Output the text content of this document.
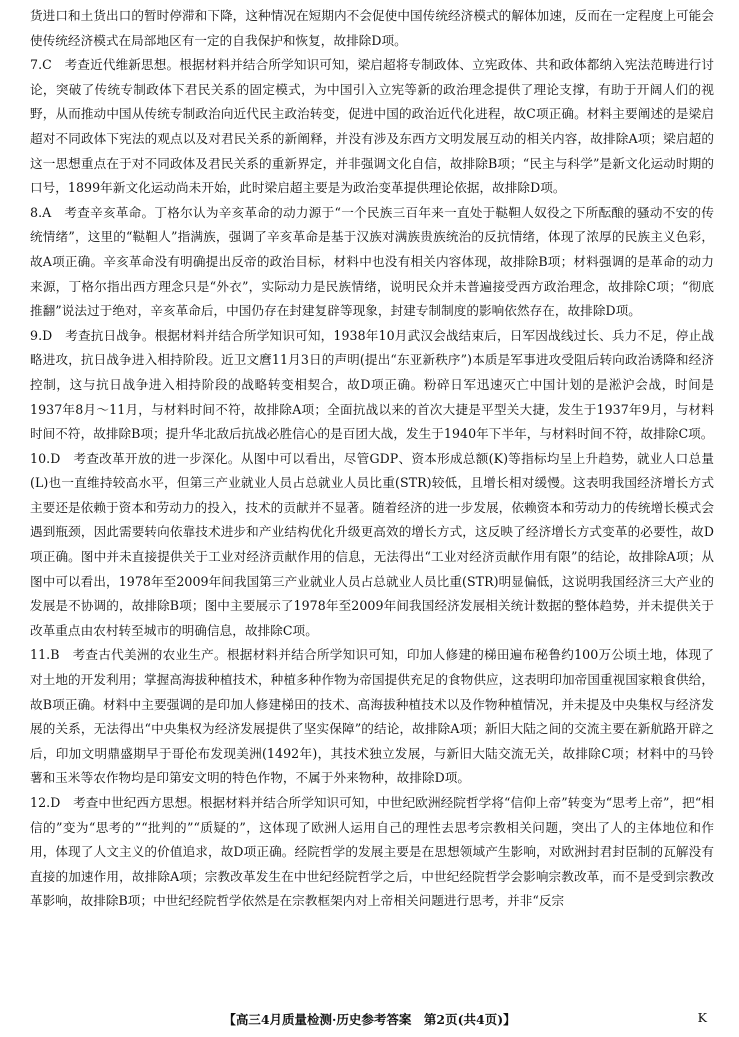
货进口和土货出口的暂时停滞和下降，这种情况在短期内不会促使中国传统经济模式的解体加速，反而在一定程度上可能会使传统经济模式在局部地区有一定的自我保护和恢复，故排除D项。

7.C　 考查近代维新思想。根据材料并结合所学知识可知，梁启超将专制政体、立宪政体、共和政体都纳入宪法范畴进行讨论，突破了传统专制政体下君民关系的固定模式，为中国引入立宪等新的政治理念提供了理论支撑，有助于开阔人们的视野，从而推动中国从传统专制政治向近代民主政治转变，促进中国的政治近代化进程，故C项正确。材料主要阐述的是梁启超对不同政体下宪法的观点以及对君民关系的新阐释，并没有涉及东西方文明发展互动的相关内容，故排除A项；梁启超的这一思想重点在于对不同政体及君民关系的重新界定，并非强调文化自信，故排除B项；“民主与科学”是新文化运动时期的口号，1899年新文化运动尚未开始，此时梁启超主要是为政治变革提供理论依据，故排除D项。

8.A　 考查辛亥革命。丁格尔认为辛亥革命的动力源于“一个民族三百年来一直处于鞑靼人奴役之下所酝酿的骚动不安的传统情绪”，这里的“鞑靼人”指满族，强调了辛亥革命是基于汉族对满族贵族统治的反抗情绪，体现了浓厚的民族主义色彩，故A项正确。辛亥革命没有明确提出反帝的政治目标，材料中也没有相关内容体现，故排除B项；材料强调的是革命的动力来源，丁格尔指出西方理念只是“外衣”，实际动力是民族情绪，说明民众并未普遍接受西方政治理念，故排除C项；“彻底推翻”说法过于绝对，辛亥革命后，中国仍存在封建复辟等现象，封建专制制度的影响依然存在，故排除D项。

9.D　 考查抗日战争。根据材料并结合所学知识可知，1938年10月武汉会战结束后，日军因战线过长、兵力不足，停止战略进攻，抗日战争进入相持阶段。近卫文麿11月3日的声明(提出“东亚新秩序”)本质是军事进攻受阻后转向政治诱降和经济控制，这与抗日战争进入相持阶段的战略转变相契合，故D项正确。粉碎日军迅速灭亡中国计划的是淞沪会战，时间是1937年8月～11月，与材料时间不符，故排除A项；全面抗战以来的首次大捷是平型关大捷，发生于1937年9月，与材料时间不符，故排除B项；提升华北敌后抗战必胜信心的是百团大战，发生于1940年下半年，与材料时间不符，故排除C项。

10.D　 考查改革开放的进一步深化。从图中可以看出，尽管GDP、资本形成总额(K)等指标均呈上升趋势，就业人口总量(L)也一直维持较高水平，但第三产业就业人员占总就业人员比重(STR)较低，且增长相对缓慢。这表明我国经济增长方式主要还是依赖于资本和劳动力的投入，技术的贡献并不显著。随着经济的进一步发展，依赖资本和劳动力的传统增长模式会遇到瓶颈，因此需要转向依靠技术进步和产业结构优化升级更高效的增长方式，这反映了经济增长方式变革的必要性，故D项正确。图中并未直接提供关于工业对经济贡献作用的信息，无法得出“工业对经济贡献作用有限”的结论，故排除A项；从图中可以看出，1978年至2009年间我国第三产业就业人员占总就业人员比重(STR)明显偏低，这说明我国经济三大产业的发展是不协调的，故排除B项；图中主要展示了1978年至2009年间我国经济发展相关统计数据的整体趋势，并未提供关于改革重点由农村转至城市的明确信息，故排除C项。

11.B　 考查古代美洲的农业生产。根据材料并结合所学知识可知，印加人修建的梯田遍布秘鲁约100万公顷土地，体现了对土地的开发利用；掌握高海拔种植技术，种植多种作物为帝国提供充足的食物供应，这表明印加帝国重视国家粮食供给，故B项正确。材料中主要强调的是印加人修建梯田的技术、高海拔种植技术以及作物种植情况，并未提及中央集权与经济发展的关系，无法得出“中央集权为经济发展提供了坚实保障”的结论，故排除A项；新旧大陆之间的交流主要在新航路开辟之后，印加文明鼎盛期早于哥伦布发现美洲(1492年)，其技术独立发展，与新旧大陆交流无关，故排除C项；材料中的马铃薯和玉米等农作物均是印第安文明的特色作物，不属于外来物种，故排除D项。

12.D　 考查中世纪西方思想。根据材料并结合所学知识可知，中世纪欧洲经院哲学将“信仰上帝”转变为“思考上帝”，把“相信的”变为“思考的”“批判的”“质疑的”，这体现了欧洲人运用自己的理性去思考宗教相关问题，突出了人的主体地位和作用，体现了人文主义的价值追求，故D项正确。经院哲学的发展主要是在思想领域产生影响，对欧洲封君封臣制的瓦解没有直接的加速作用，故排除A项；宗教改革发生在中世纪经院哲学之后，中世纪经院哲学会影响宗教改革，而不是受到宗教改革影响，故排除B项；中世纪经院哲学依然是在宗教框架内对上帝相关问题进行思考，并非“反宗

【高三4月质量检测·历史参考答案　第2页(共4页)】	K
